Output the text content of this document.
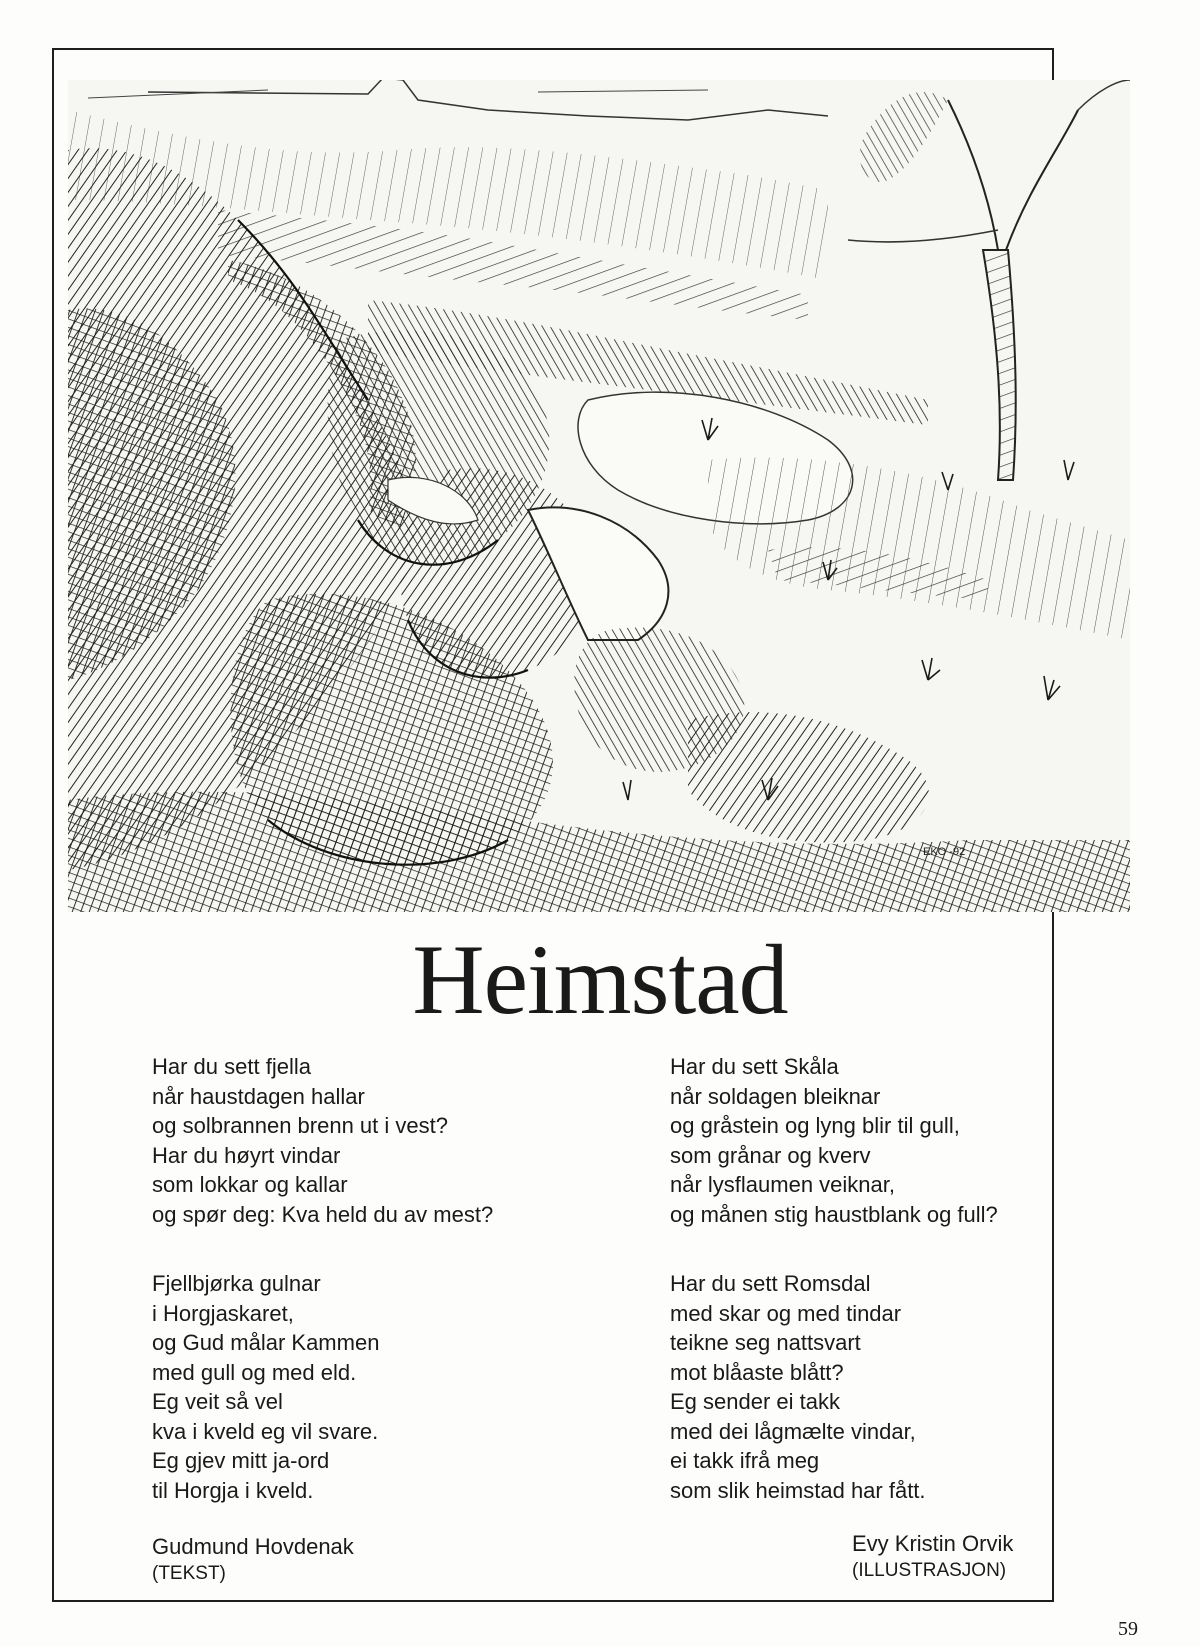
EKO -92
Heimstad
Har du sett fjella
når haustdagen hallar
og solbrannen brenn ut i vest?
Har du høyrt vindar
som lokkar og kallar
og spør deg: Kva held du av mest?
Fjellbjørka gulnar
i Horgjaskaret,
og Gud målar Kammen
med gull og med eld.
Eg veit så vel
kva i kveld eg vil svare.
Eg gjev mitt ja-ord
til Horgja i kveld.
Har du sett Skåla
når soldagen bleiknar
og gråstein og lyng blir til gull,
som grånar og kverv
når lysflaumen veiknar,
og månen stig haustblank og full?
Har du sett Romsdal
med skar og med tindar
teikne seg nattsvart
mot blåaste blått?
Eg sender ei takk
med dei lågmælte vindar,
ei takk ifrå meg
som slik heimstad har fått.
Gudmund Hovdenak
(TEKST)
Evy Kristin Orvik
(ILLUSTRASJON)
59
